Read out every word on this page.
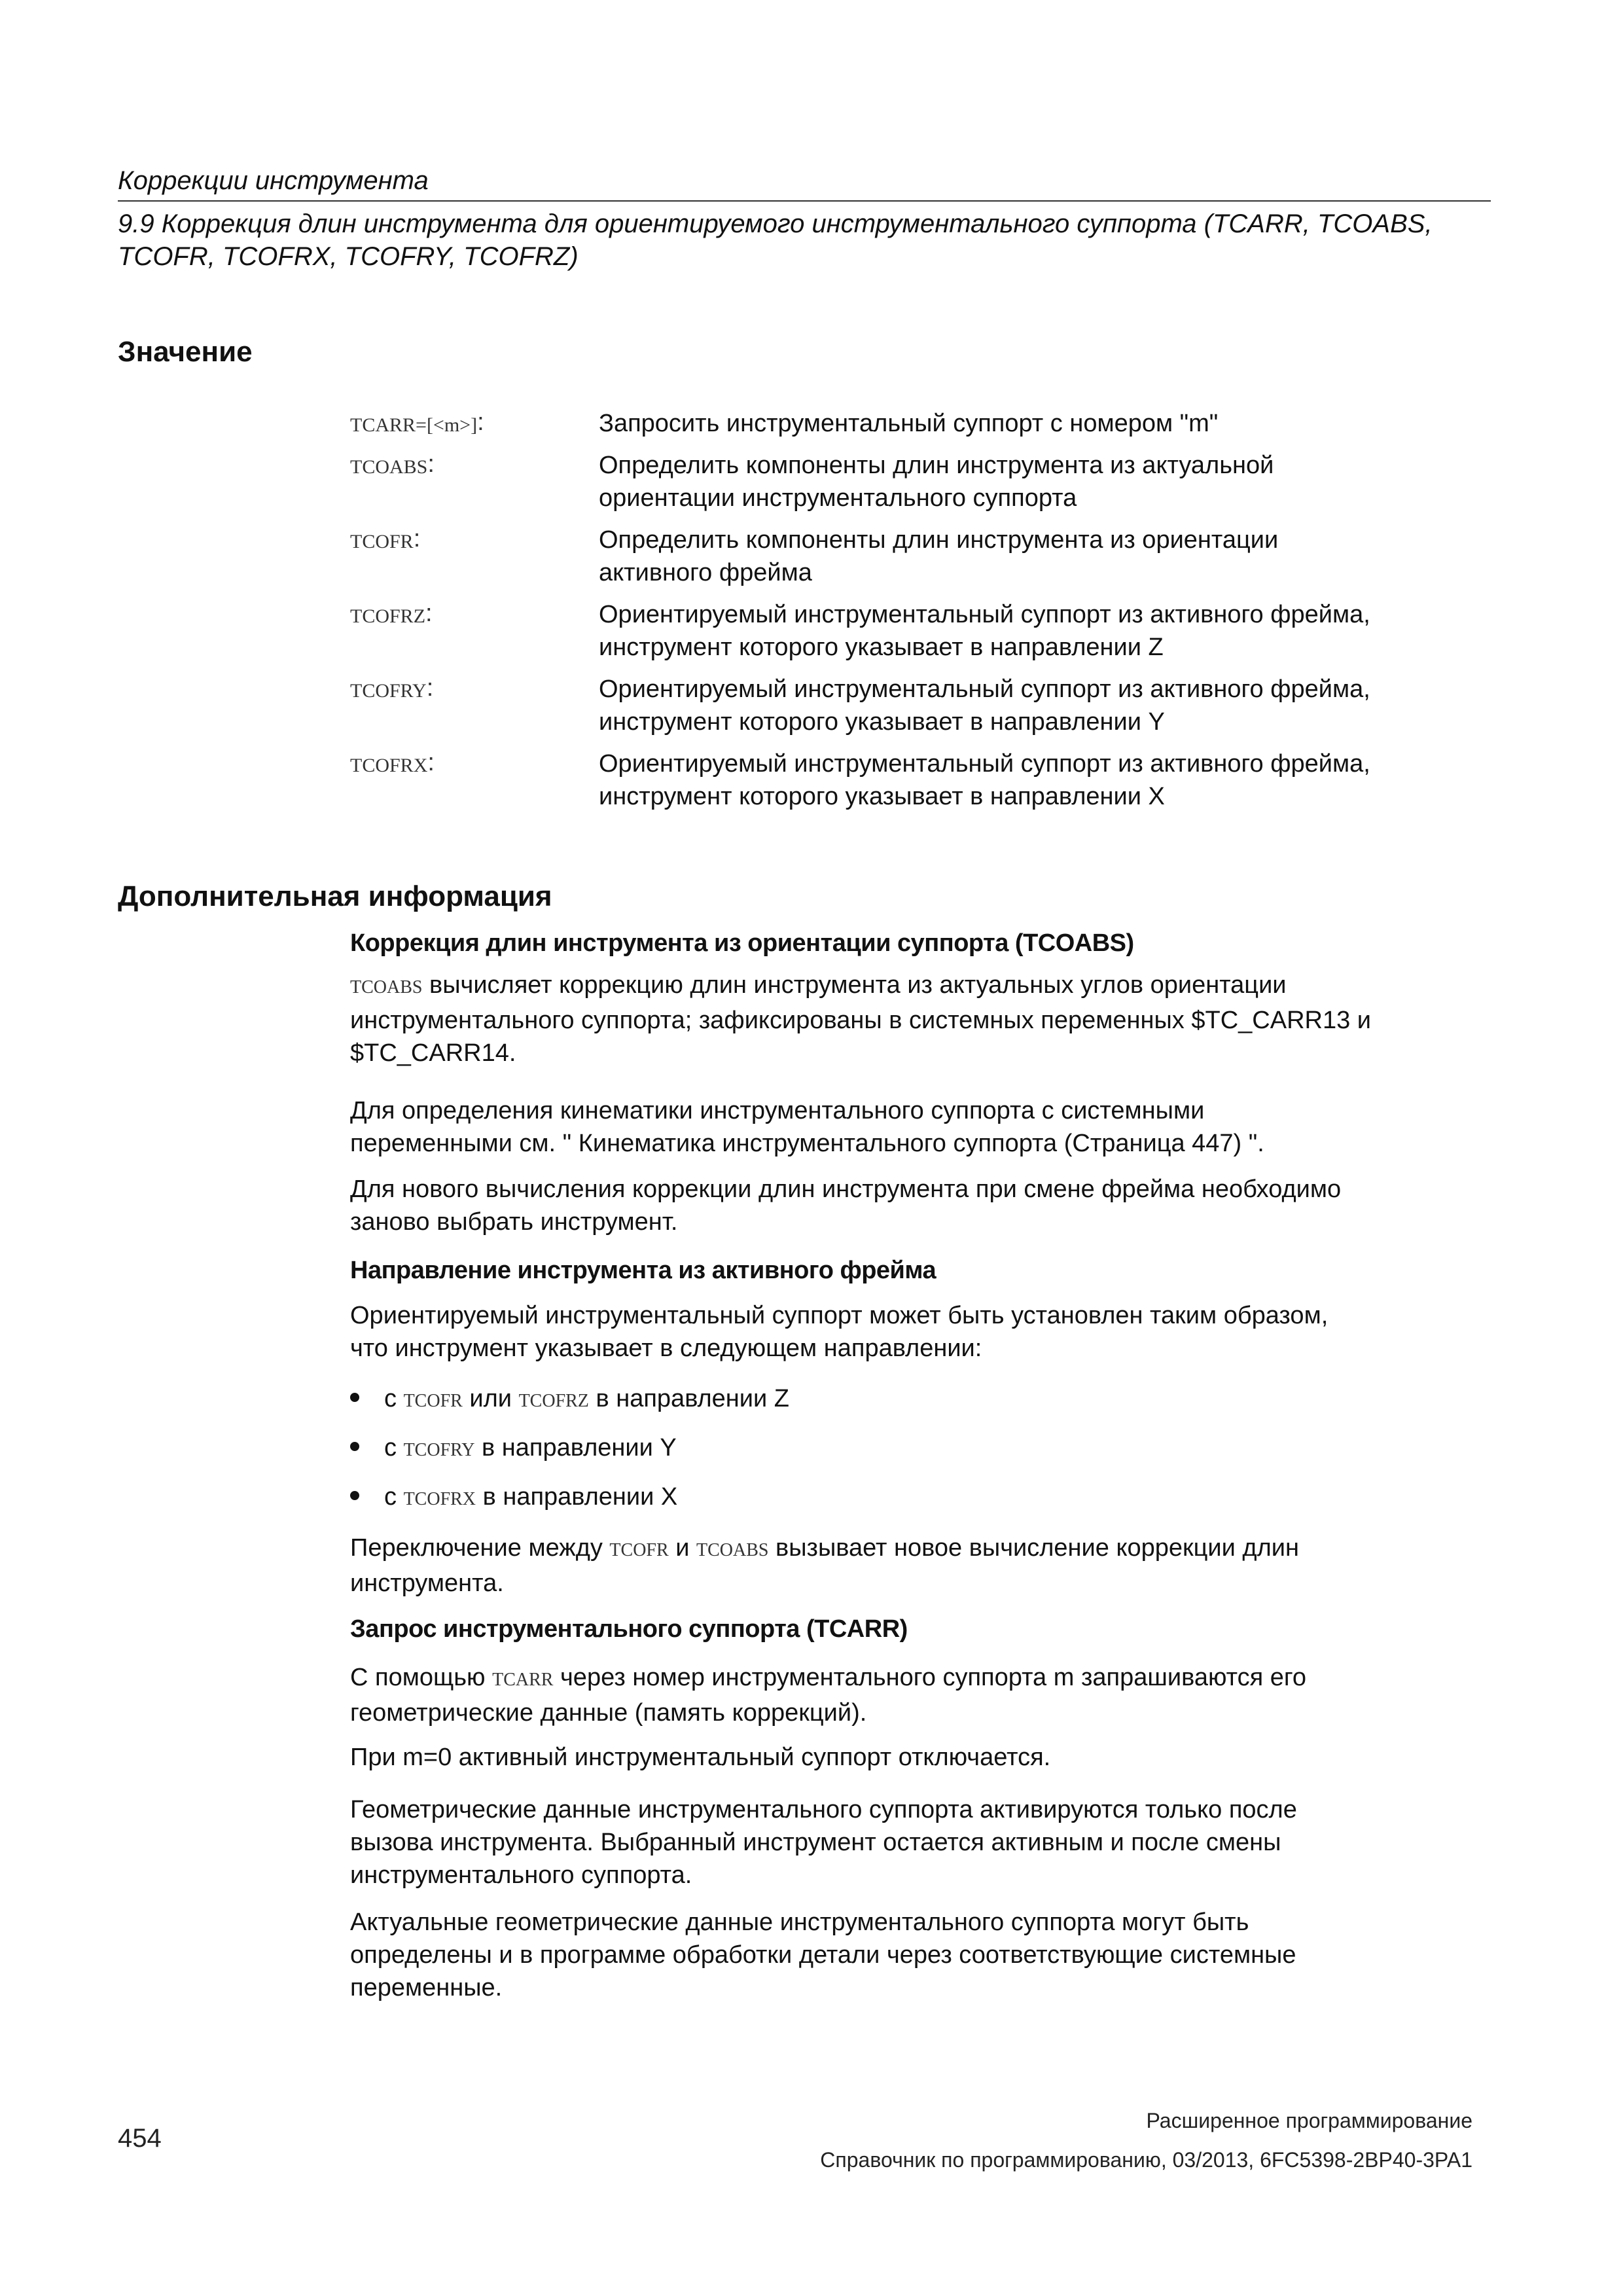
Коррекции инструмента
9.9 Коррекция длин инструмента для ориентируемого инструментального суппорта (TCARR, TCOABS,
TCOFR, TCOFRX, TCOFRY, TCOFRZ)
Значение
TCARR=[<m>]:	Запросить инструментальный суппорт с номером "m"
TCOABS:	Определить компоненты длин инструмента из актуальной
ориентации инструментального суппорта
TCOFR:	Определить компоненты длин инструмента из ориентации
активного фрейма
TCOFRZ:	Ориентируемый инструментальный суппорт из активного фрейма,
инструмент которого указывает в направлении Z
TCOFRY:	Ориентируемый инструментальный суппорт из активного фрейма,
инструмент которого указывает в направлении Y
TCOFRX:	Ориентируемый инструментальный суппорт из активного фрейма,
инструмент которого указывает в направлении X
Дополнительная информация
Коррекция длин инструмента из ориентации суппорта (TCOABS)
TCOABS вычисляет коррекцию длин инструмента из актуальных углов ориентации
инструментального суппорта; зафиксированы в системных переменных $TC_CARR13 и
$TC_CARR14.
Для определения кинематики инструментального суппорта с системными
переменными см. " Кинематика инструментального суппорта (Страница 447) ".
Для нового вычисления коррекции длин инструмента при смене фрейма необходимо
заново выбрать инструмент.
Направление инструмента из активного фрейма
Ориентируемый инструментальный суппорт может быть установлен таким образом,
что инструмент указывает в следующем направлении:
с TCOFR или TCOFRZ в направлении Z
с TCOFRY в направлении Y
с TCOFRX в направлении X
Переключение между TCOFR и TCOABS вызывает новое вычисление коррекции длин
инструмента.
Запрос инструментального суппорта (TCARR)
С помощью TCARR через номер инструментального суппорта m запрашиваются его
геометрические данные (память коррекций).
При m=0 активный инструментальный суппорт отключается.
Геометрические данные инструментального суппорта активируются только после
вызова инструмента. Выбранный инструмент остается активным и после смены
инструментального суппорта.
Актуальные геометрические данные инструментального суппорта могут быть
определены и в программе обработки детали через соответствующие системные
переменные.
Расширенное программирование
454
Справочник по программированию, 03/2013, 6FC5398-2BP40-3PA1
